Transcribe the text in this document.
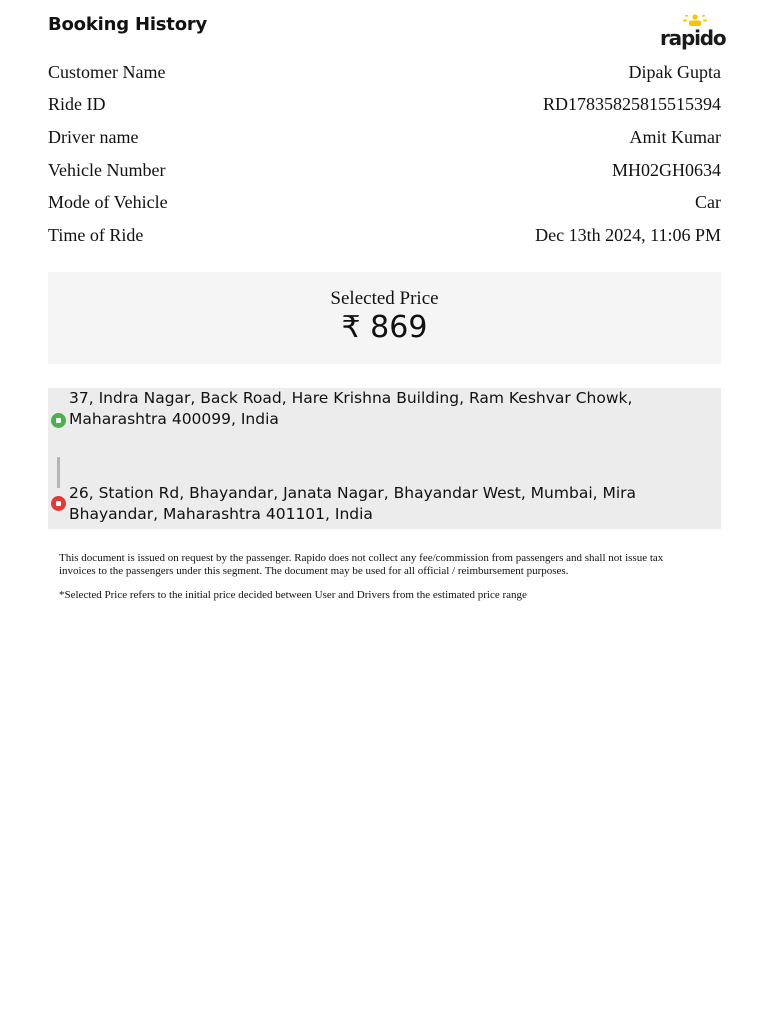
Booking History
rapido
Customer Name	Dipak Gupta
Ride ID	RD17835825815515394
Driver name	Amit Kumar
Vehicle Number	MH02GH0634
Mode of Vehicle	Car
Time of Ride	Dec 13th 2024, 11:06 PM
Selected Price
₹ 869
37, Indra Nagar, Back Road, Hare Krishna Building, Ram Keshvar Chowk, Maharashtra 400099, India
26, Station Rd, Bhayandar, Janata Nagar, Bhayandar West, Mumbai, Mira Bhayandar, Maharashtra 401101, India
This document is issued on request by the passenger. Rapido does not collect any fee/commission from passengers and shall not issue tax invoices to the passengers under this segment. The document may be used for all official / reimbursement purposes.
*Selected Price refers to the initial price decided between User and Drivers from the estimated price range
